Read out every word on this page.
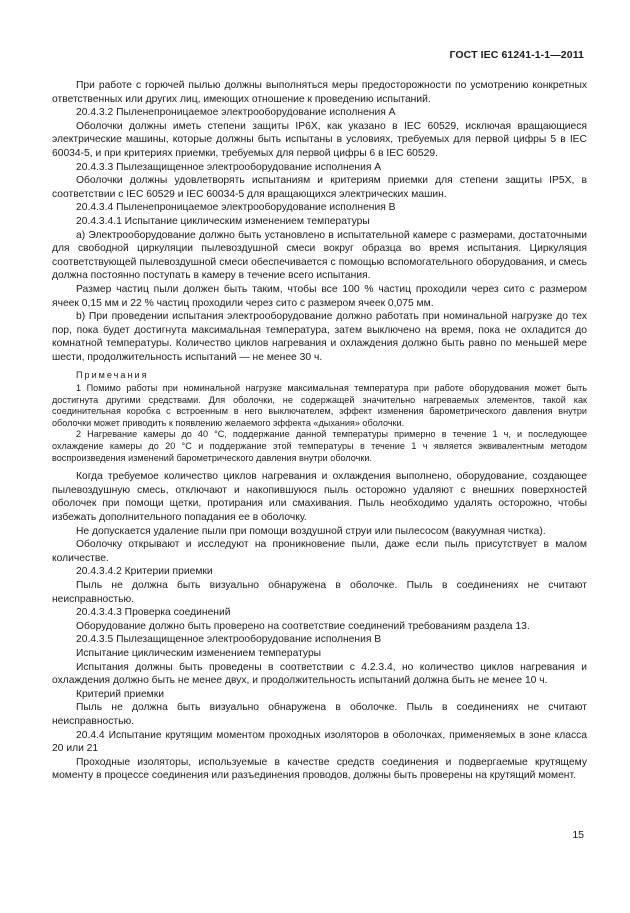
ГОСТ IEC 61241-1-1—2011

При работе с горючей пылью должны выполняться меры предосторожности по усмотрению конкретных ответственных или других лиц, имеющих отношение к проведению испытаний.

20.4.3.2 Пыленепроницаемое электрооборудование исполнения А

Оболочки должны иметь степени защиты IP6X, как указано в IEC 60529, исключая вращающиеся электрические машины, которые должны быть испытаны в условиях, требуемых для первой цифры 5 в IEC 60034-5, и при критериях приемки, требуемых для первой цифры 6 в IEC 60529.

20.4.3.3 Пылезащищенное электрооборудование исполнения А

Оболочки должны удовлетворять испытаниям и критериям приемки для степени защиты IP5X, в соответствии с IEC 60529 и IEC 60034-5 для вращающихся электрических машин.

20.4.3.4 Пыленепроницаемое электрооборудование исполнения В

20.4.3.4.1 Испытание циклическим изменением температуры

a) Электрооборудование должно быть установлено в испытательной камере с размерами, достаточными для свободной циркуляции пылевоздушной смеси вокруг образца во время испытания. Циркуляция соответствующей пылевоздушной смеси обеспечивается с помощью вспомогательного оборудования, и смесь должна постоянно поступать в камеру в течение всего испытания.

Размер частиц пыли должен быть таким, чтобы все 100 % частиц проходили через сито с размером ячеек 0,15 мм и 22 % частиц проходили через сито с размером ячеек 0,075 мм.

b) При проведении испытания электрооборудование должно работать при номинальной нагрузке до тех пор, пока будет достигнута максимальная температура, затем выключено на время, пока не охладится до комнатной температуры. Количество циклов нагревания и охлаждения должно быть равно по меньшей мере шести, продолжительность испытаний — не менее 30 ч.

Примечания

1 Помимо работы при номинальной нагрузке максимальная температура при работе оборудования может быть достигнута другими средствами. Для оболочки, не содержащей значительно нагреваемых элементов, такой как соединительная коробка с встроенным в него выключателем, эффект изменения барометрического давления внутри оболочки может приводить к появлению желаемого эффекта «дыхания» оболочки.

2 Нагревание камеры до 40 °С, поддержание данной температуры примерно в течение 1 ч, и последующее охлаждение камеры до 20 °С и поддержание этой температуры в течение 1 ч является эквивалентным методом воспроизведения изменений барометрического давления внутри оболочки.

Когда требуемое количество циклов нагревания и охлаждения выполнено, оборудование, создающее пылевоздушную смесь, отключают и накопившуюся пыль осторожно удаляют с внешних поверхностей оболочек при помощи щетки, протирания или смахивания. Пыль необходимо удалять осторожно, чтобы избежать дополнительного попадания ее в оболочку.

Не допускается удаление пыли при помощи воздушной струи или пылесосом (вакуумная чистка).

Оболочку открывают и исследуют на проникновение пыли, даже если пыль присутствует в малом количестве.

20.4.3.4.2 Критерии приемки

Пыль не должна быть визуально обнаружена в оболочке. Пыль в соединениях не считают неисправностью.

20.4.3.4.3 Проверка соединений

Оборудование должно быть проверено на соответствие соединений требованиям раздела 13.

20.4.3.5 Пылезащищенное электрооборудование исполнения В

Испытание циклическим изменением температуры

Испытания должны быть проведены в соответствии с 4.2.3.4, но количество циклов нагревания и охлаждения должно быть не менее двух, и продолжительность испытаний должна быть не менее 10 ч.

Критерий приемки

Пыль не должна быть визуально обнаружена в оболочке. Пыль в соединениях не считают неисправностью.

20.4.4 Испытание крутящим моментом проходных изоляторов в оболочках, применяемых в зоне класса 20 или 21

Проходные изоляторы, используемые в качестве средств соединения и подвергаемые крутящему моменту в процессе соединения или разъединения проводов, должны быть проверены на крутящий момент.

15
